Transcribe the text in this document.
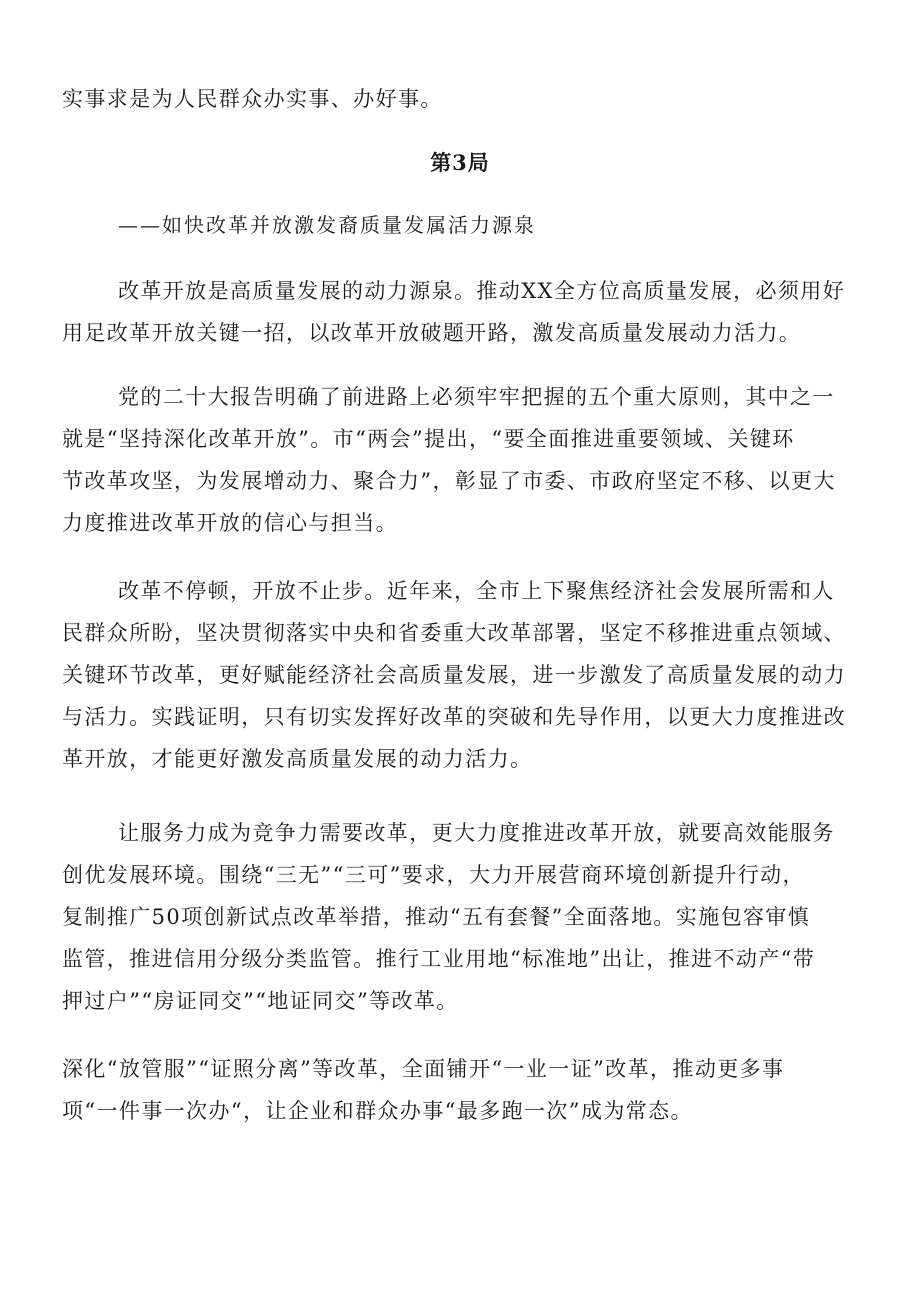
实事求是为人民群众办实事、办好事。

第3局

——如快改革并放激发裔质量发属活力源泉

改革开放是高质量发展的动力源泉。推动XX全方位高质量发展，必须用好

用足改革开放关键一招，以改革开放破题开路，激发高质量发展动力活力。

党的二十大报告明确了前进路上必须牢牢把握的五个重大原则，其中之一

就是“坚持深化改革开放”。市“两会”提出，“要全面推进重要领域、关键环

节改革攻坚，为发展增动力、聚合力”，彰显了市委、市政府坚定不移、以更大

力度推进改革开放的信心与担当。

改革不停顿，开放不止步。近年来，全市上下聚焦经济社会发展所需和人

民群众所盼，坚决贯彻落实中央和省委重大改革部署，坚定不移推进重点领域、

关键环节改革，更好赋能经济社会高质量发展，进一步激发了高质量发展的动力

与活力。实践证明，只有切实发挥好改革的突破和先导作用，以更大力度推进改

革开放，才能更好激发高质量发展的动力活力。

让服务力成为竞争力需要改革，更大力度推进改革开放，就要高效能服务

创优发展环境。围绕“三无”“三可”要求，大力开展营商环境创新提升行动，

复制推广50项创新试点改革举措，推动“五有套餐”全面落地。实施包容审慎

监管，推进信用分级分类监管。推行工业用地“标准地”出让，推进不动产“带

押过户”“房证同交”“地证同交”等改革。

深化“放管服”“证照分离”等改革，全面铺开“一业一证”改革，推动更多事

项“一件事一次办“，让企业和群众办事“最多跑一次”成为常态。
